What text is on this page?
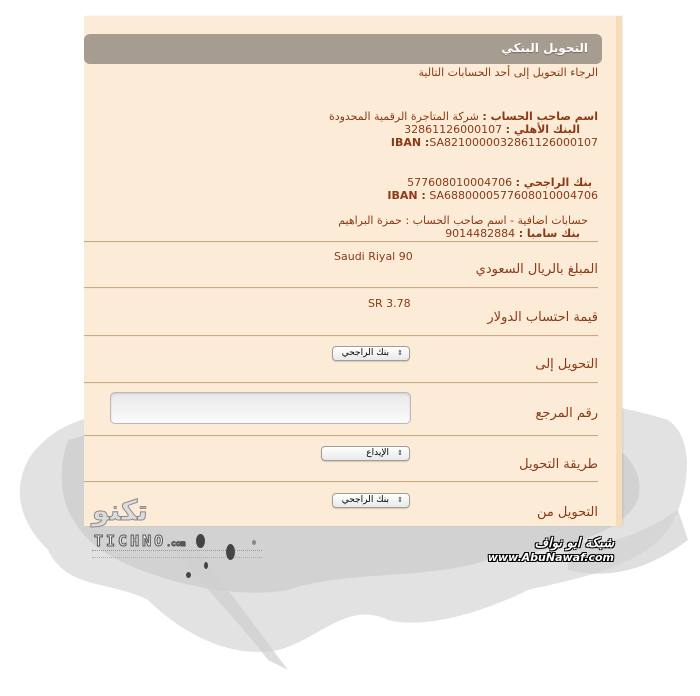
التحويل البنكي
الرجاء التحويل إلى أحد الحسابات التالية
اسم صاحب الحساب : شركة المتاجرة الرقمية المحدودة
البنك الأهلي : 32861126000107
IBAN :SA8210000032861126000107
بنك الراجحي : 577608010004706
IBAN : SA6880000577608010004706
حسابات اضافية - اسم صاحب الحساب : حمزة البراهيم
بنك سامبا : 9014482884
Saudi Riyal 90
المبلغ بالريال السعودي
SR 3.78
قيمة احتساب الدولار
⇕
بنك الراجحي
التحويل إلى
رقم المرجع
⇕
الإيداع
طريقة التحويل
⇕
بنك الراجحي
التحويل من
تكنو
TICHNO.com	شبكة ابو نواف
www.AbuNawaf.com
